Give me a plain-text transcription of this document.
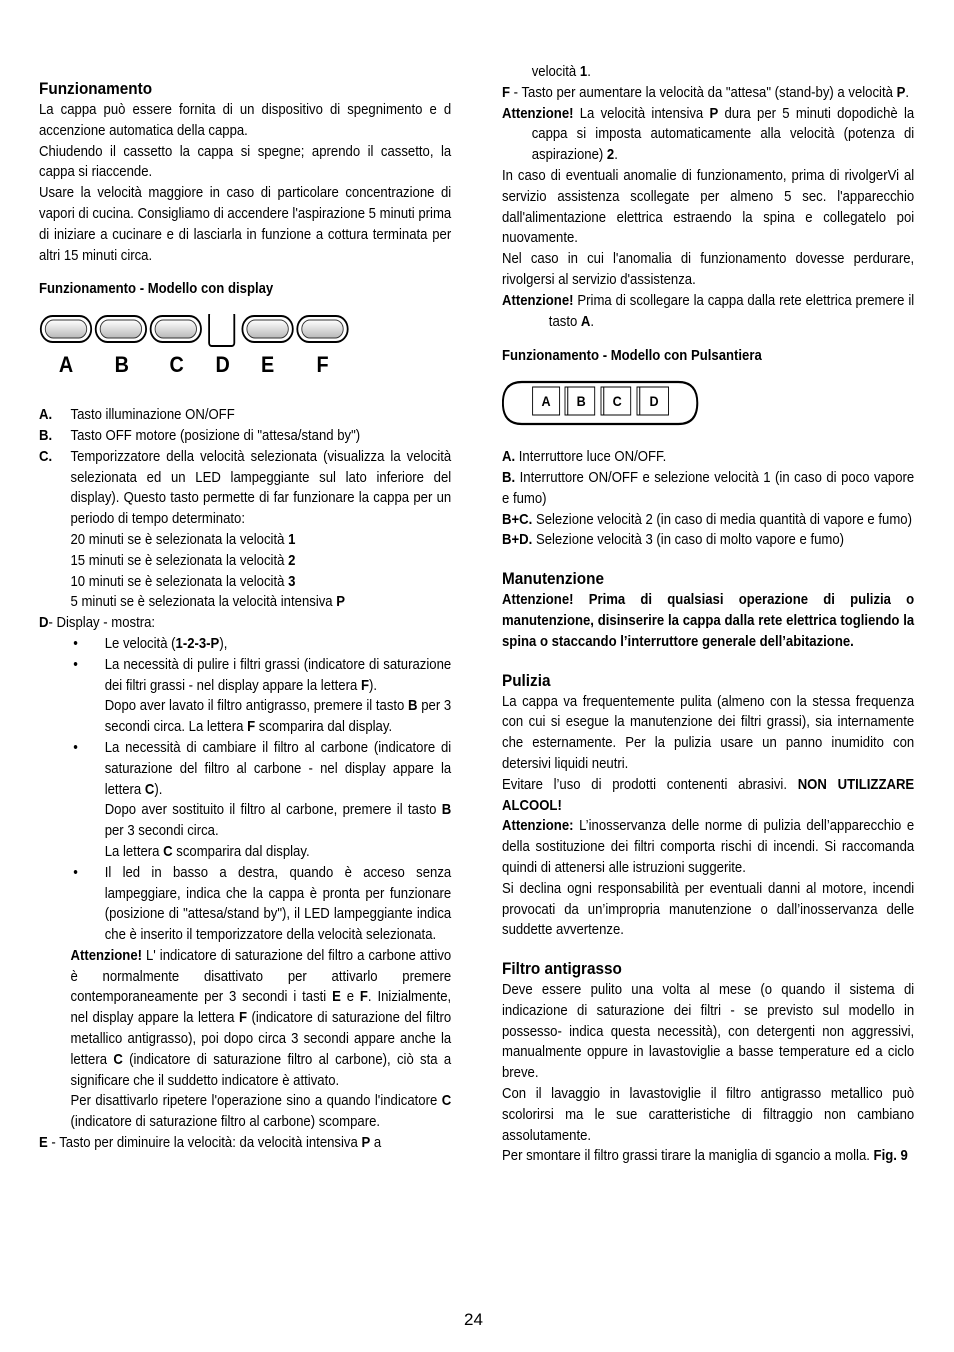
Funzionamento
La cappa può essere fornita di un dispositivo di spegnimento e d accenzione automatica della cappa.
Chiudendo il cassetto la cappa si spegne; aprendo il cassetto, la cappa si riaccende.
Usare la velocità maggiore in caso di particolare concentrazione di vapori di cucina. Consigliamo di accendere l'aspirazione 5 minuti prima di iniziare a cucinare e di lasciarla in funzione a cottura terminata per altri 15 minuti circa.
Funzionamento - Modello con display
A B C D E F
A.	Tasto illuminazione ON/OFF
B.	Tasto OFF motore (posizione di "attesa/stand by")
C.	Temporizzatore della velocità selezionata (visualizza la velocità selezionata ed un LED lampeggiante sul lato inferiore del display). Questo tasto permette di far funzionare la cappa per un periodo di tempo determinato:
20 minuti se è selezionata la velocità 1
15 minuti se è selezionata la velocità 2
10 minuti se è selezionata la velocità 3
5 minuti se è selezionata la velocità intensiva P
D - Display - mostra:
•	Le velocità (1-2-3-P),
•	La necessità di pulire i filtri grassi (indicatore di saturazione dei filtri grassi - nel display appare la lettera F).
Dopo aver lavato il filtro antigrasso, premere il tasto B per 3 secondi circa. La lettera F scomparira dal display.
•	La necessità di cambiare il filtro al carbone (indicatore di saturazione del filtro al carbone - nel display appare la lettera C).
Dopo aver sostituito il filtro al carbone, premere il tasto B per 3 secondi circa.
La lettera C scomparira dal display.
•	Il led in basso a destra, quando è acceso senza lampeggiare, indica che la cappa è pronta per funzionare (posizione di "attesa/stand by"), il LED lampeggiante indica che è inserito il temporizzatore della velocità selezionata.
Attenzione! L' indicatore di saturazione del filtro a carbone attivo è normalmente disattivato per attivarlo premere contemporaneamente per 3 secondi i tasti E e F. Inizialmente, nel display appare la lettera F (indicatore di saturazione del filtro metallico antigrasso), poi dopo circa 3 secondi appare anche la lettera C (indicatore di saturazione filtro al carbone), ciò sta a significare che il suddetto indicatore è attivato.
Per disattivarlo ripetere l'operazione sino a quando l'indicatore C (indicatore di saturazione filtro al carbone) scompare.
E - Tasto per diminuire la velocità: da velocità intensiva P a
velocità 1.
F - Tasto per aumentare la velocità da "attesa" (stand-by) a velocità P.
Attenzione! La velocità intensiva P dura per 5 minuti dopodichè la cappa si imposta automaticamente alla velocità (potenza di aspirazione) 2.
In caso di eventuali anomalie di funzionamento, prima di rivolgerVi al servizio assistenza scollegate per almeno 5 sec. l'apparecchio dall'alimentazione elettrica estraendo la spina e collegatelo poi nuovamente.
Nel caso in cui l'anomalia di funzionamento dovesse perdurare, rivolgersi al servizio d'assistenza.
Attenzione! Prima di scollegare la cappa dalla rete elettrica premere il tasto A.
Funzionamento - Modello con Pulsantiera
A B C D
A. Interruttore luce ON/OFF.
B. Interruttore ON/OFF e selezione velocità 1 (in caso di poco vapore e fumo)
B+C. Selezione velocità 2 (in caso di media quantità di vapore e fumo)
B+D. Selezione velocità 3 (in caso di molto vapore e fumo)
Manutenzione
Attenzione! Prima di qualsiasi operazione di pulizia o manutenzione, disinserire la cappa dalla rete elettrica togliendo la spina o staccando l’interruttore generale dell’abitazione.
Pulizia
La cappa va frequentemente pulita (almeno con la stessa frequenza con cui si esegue la manutenzione dei filtri grassi), sia internamente che esternamente. Per la pulizia usare un panno inumidito con detersivi liquidi neutri.
Evitare l’uso di prodotti contenenti abrasivi. NON UTILIZZARE ALCOOL!
Attenzione: L’inosservanza delle norme di pulizia dell’apparecchio e della sostituzione dei filtri comporta rischi di incendi. Si raccomanda quindi di attenersi alle istruzioni suggerite.
Si declina ogni responsabilità per eventuali danni al motore, incendi provocati da un’impropria manutenzione o dall’inosservanza delle suddette avvertenze.
Filtro antigrasso
Deve essere pulito una volta al mese (o quando il sistema di indicazione di saturazione dei filtri - se previsto sul modello in possesso- indica questa necessità), con detergenti non aggressivi, manualmente oppure in lavastoviglie a basse temperature ed a ciclo breve.
Con il lavaggio in lavastoviglie il filtro antigrasso metallico può scolorirsi ma le sue caratteristiche di filtraggio non cambiano assolutamente.
Per smontare il filtro grassi tirare la maniglia di sgancio a molla. Fig. 9
24
